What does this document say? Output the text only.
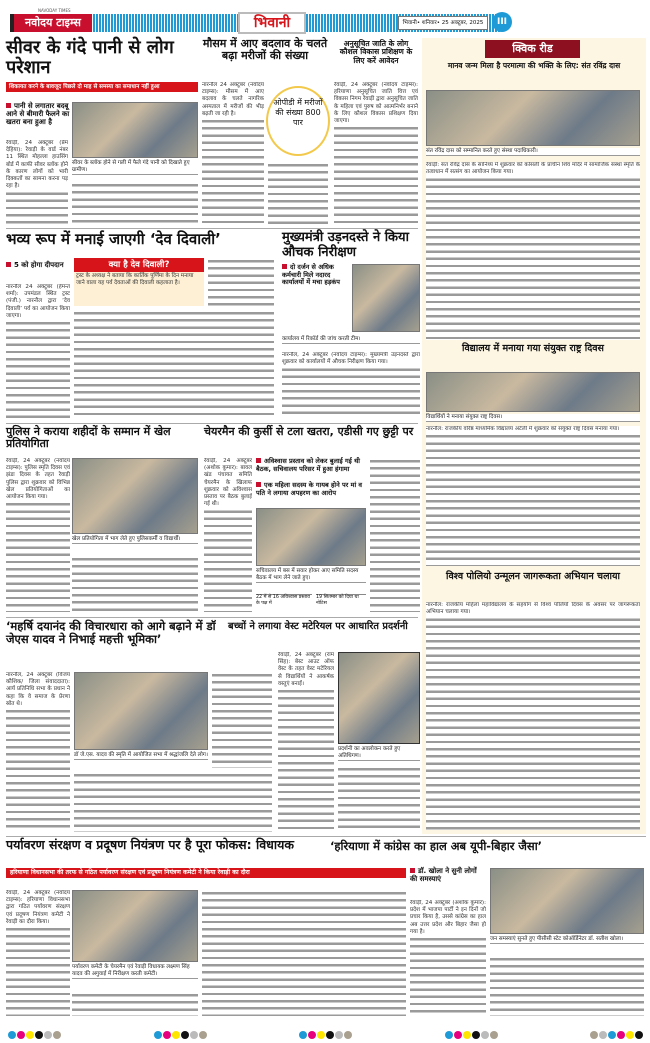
NAVODAY TIMES
नवोदय टाइम्स	भिवानी	भिवानी• शनिवार• 25 अक्टूबर, 2025	III
सीवर के गंदे पानी से लोग परेशान
शिकायत करने के बावजूद पिछले दो माह से समस्या का समाधान नहीं हुआ
पानी से लगातार बदबू आने से बीमारी फैलने का खतरा बना हुआ है
रेवाड़ी, 24 अक्टूबर (प्रेम देहिया): रेवाड़ी के वार्ड नंबर 11 स्थित मोहल्ला हाउसिंग बोर्ड में काफी सीवर ब्लॉक होने के कारण लोगों को भारी दिक्कतों का सामना करना पड़ रहा है।
सीवर के ब्लॉक होने से गली में फैले गंदे पानी को दिखाते हुए ग्रामीण।
मौसम में आए बदलाव के चलते बढ़ा मरीजों की संख्या
नारनौल 24 अक्टूबर (नवोदय टाइम्स): मौसम में आए बदलाव के चलते नागरिक अस्पताल में मरीजों की भीड़ बढ़ती जा रही है।
ओपीडी में मरीजों की संख्या 800 पार
अनुसूचित जाति के लोग कौशल विकास प्रशिक्षण के लिए करें आवेदन
रेवाड़ी, 24 अक्टूबर (नवोदय टाइम्स): हरियाणा अनुसूचित जाति वित्त एवं विकास निगम रेवाड़ी द्वारा अनुसूचित जाति के महिला एवं पुरुष को आत्मनिर्भर बनाने के लिए कौशल विकास प्रशिक्षण दिया जाएगा।
क्विक रीड
मानव जन्म मिला है परमात्मा की भक्ति के लिए: संत रविंद्र दास
संत रविंद्र दास को सम्मानित करते हुए संस्था पदाधिकारी।
रेवाड़ी: संत रविंद्र दास के सानिध्य में शुक्रवार को कोसली के प्राचीन शिव मंदिर में सामाजिक संस्था स्मृति के तत्वाधान में सत्संग का आयोजन किया गया।
विद्यालय में मनाया गया संयुक्त राष्ट्र दिवस
विद्यार्थियों ने मनाया संयुक्त राष्ट्र दिवस।
नारनौल: राजकीय वरिष्ठ माध्यमिक विद्यालय अटेली में शुक्रवार को संयुक्त राष्ट्र दिवस मनाया गया।
विश्व पोलियो उन्मूलन जागरूकता अभियान चलाया
नारनौल: राजकीय महिला महाविद्यालय के सहयोग से विश्व पोलियो दिवस के अवसर पर जागरूकता अभियान चलाया गया।
भव्य रूप में मनाई जाएगी ‘देव दिवाली’
5 को होगा दीपदान
नारनौल 24 अक्टूबर (हेमन्त शर्मा): उपमंडल स्थित ट्रस्ट (पंजी.) नारनौल द्वारा ‘देव दिवाली’ पर्व का आयोजन किया जाएगा।
क्या है देव दिवाली?
ट्रस्ट के अध्यक्ष ने बताया कि कार्तिक पूर्णिमा के दिन मनाया जाने वाला यह पर्व देवताओं की दिवाली कहलाता है।
मुख्यमंत्री उड़नदस्ते ने किया औचक निरीक्षण
दो दर्जन से अधिक कर्मचारी मिले नदारद कार्यालयों में मचा हड़कंप
कार्यालय में रिकॉर्ड की जांच करती टीम।
नारनौल, 24 अक्टूबर (नवोदय टाइम्स): मुख्यमंत्री उड़नदस्ते द्वारा शुक्रवार को कार्यालयों में औचक निरीक्षण किया गया।
पुलिस ने कराया शहीदों के सम्मान में खेल प्रतियोगिता
रेवाड़ी, 24 अक्टूबर (नवोदय टाइम्स): पुलिस स्मृति दिवस एवं झंडा दिवस के तहत रेवाड़ी पुलिस द्वारा शुक्रवार को विभिन्न खेल प्रतियोगिताओं का आयोजन किया गया।
खेल प्रतियोगिता में भाग लेते हुए पुलिसकर्मी व विद्यार्थी।
चेयरमैन की कुर्सी से टला खतरा, एडीसी गए छुट्टी पर
रेवाड़ी, 24 अक्टूबर (अशोक कुमार): बावल खंड पंचायत समिति चेयरमैन के खिलाफ शुक्रवार को अविश्वास प्रस्ताव पर बैठक बुलाई गई थी।
अविश्वास प्रस्ताव को लेकर बुलाई गई थी बैठक, सचिवालय परिसर में हुआ हंगामा
एक महिला सदस्य के गायब होने पर मां व पति ने लगाया अपहरण का आरोप
सचिवालय में बस में सवार होकर आए समिति सदस्य बैठक में भाग लेने जाते हुए।
22 में से 16 अविश्वास प्रस्ताव के पक्ष में
19 सितम्बर को दिया था नोटिस
‘महर्षि दयानंद की विचारधारा को आगे बढ़ाने में डॉ जेएस यादव ने निभाई महत्ती भूमिका’
नारनौल, 24 अक्टूबर (विजय कौशिक/ जिला संवाददाता): आर्य प्रतिनिधि सभा के प्रधान ने कहा कि वे समाज के प्रेरणा स्रोत थे।
डॉ जे.एस. यादव की स्मृति में आयोजित सभा में श्रद्धांजलि देते लोग।
बच्चों ने लगाया वेस्ट मटेरियल पर आधारित प्रदर्शनी
रेवाड़ी, 24 अक्टूबर (राम सिंह): बेस्ट आउट ऑफ वेस्ट के तहत वेस्ट मटेरियल से विद्यार्थियों ने आकर्षक वस्तुएं बनाईं।
प्रदर्शनी का अवलोकन करते हुए अतिथिगण।
पर्यावरण संरक्षण व प्रदूषण नियंत्रण पर है पूरा फोकस: विधायक
हरियाणा विधानसभा की तरफ से गठित पर्यावरण संरक्षण एवं प्रदूषण नियंत्रण कमेटी ने किया रेवाड़ी का दौरा
रेवाड़ी, 24 अक्टूबर (नवोदय टाइम्स): हरियाणा विधानसभा द्वारा गठित पर्यावरण संरक्षण एवं प्रदूषण नियंत्रण कमेटी ने रेवाड़ी का दौरा किया।
पर्यावरण कमेटी के चेयरमैन एवं रेवाड़ी विधायक लक्ष्मण सिंह यादव की अगुवाई में निरीक्षण करती कमेटी।
‘हरियाणा में कांग्रेस का हाल अब यूपी-बिहार जैसा’
डॉ. खोला ने सुनी लोगों की समस्याएं
रेवाड़ी, 24 अक्टूबर (अशोक कुमार): प्रदेश में भाजपा पार्टी ने इन दिनों जो प्रचार किया है, उससे कांग्रेस का हाल अब उत्तर प्रदेश और बिहार जैसा हो गया है।
जन समस्याएं सुनते हुए पीसीसी स्टेट कोऑर्डिनेटर डॉ. सतीश खोला।
